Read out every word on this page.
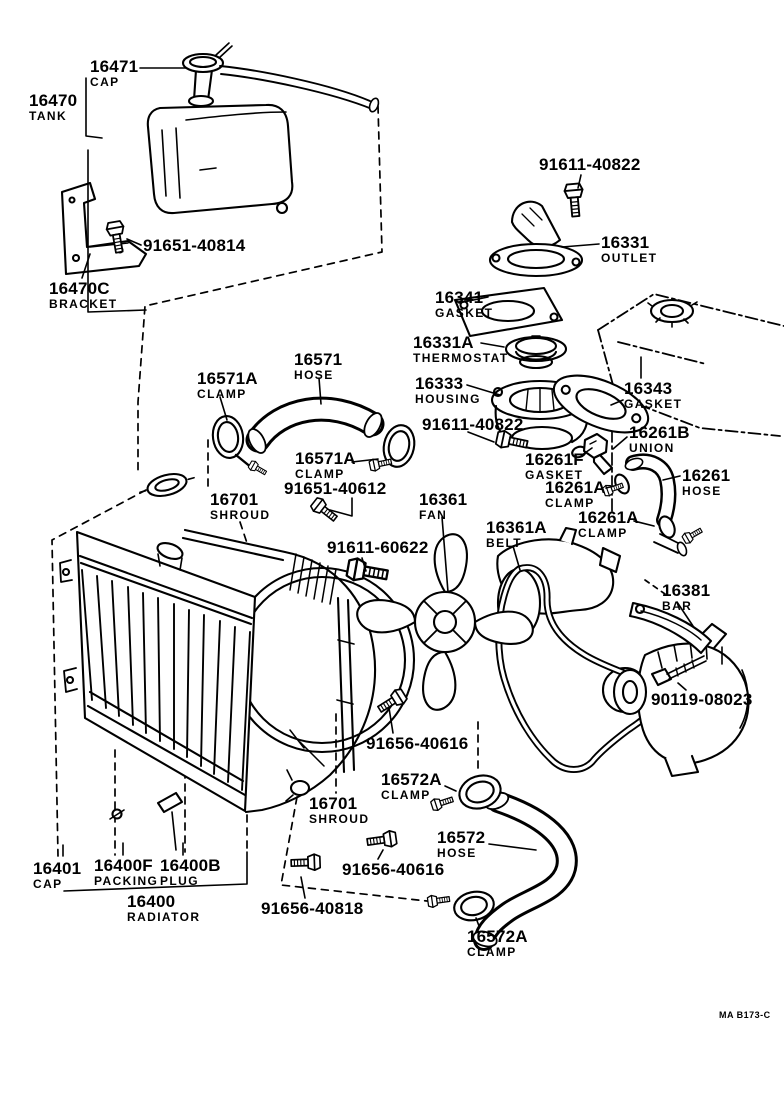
16471
CAP
16470
TANK
91651-40814
16470C
BRACKET
91611-40822
16331
OUTLET
16341
GASKET
16331A
THERMOSTAT
16333
HOUSING
16343
GASKET
91611-40822	16261B
UNION
16261F
GASKET	16261
HOSE
16261A
CLAMP
16261A
CLAMP
16571
HOSE
16571A
CLAMP
16571A
CLAMP
91651-40612
16701
SHROUD
16361
FAN
16361A
BELT
91611-60622
16381
BAR
90119-08023
91656-40616
16572A
CLAMP
16701
SHROUD
16572
HOSE
91656-40616
16401
CAP
16400F
PACKING
16400B
PLUG
16400
RADIATOR	91656-40818
16572A
CLAMP
MA B173-C
